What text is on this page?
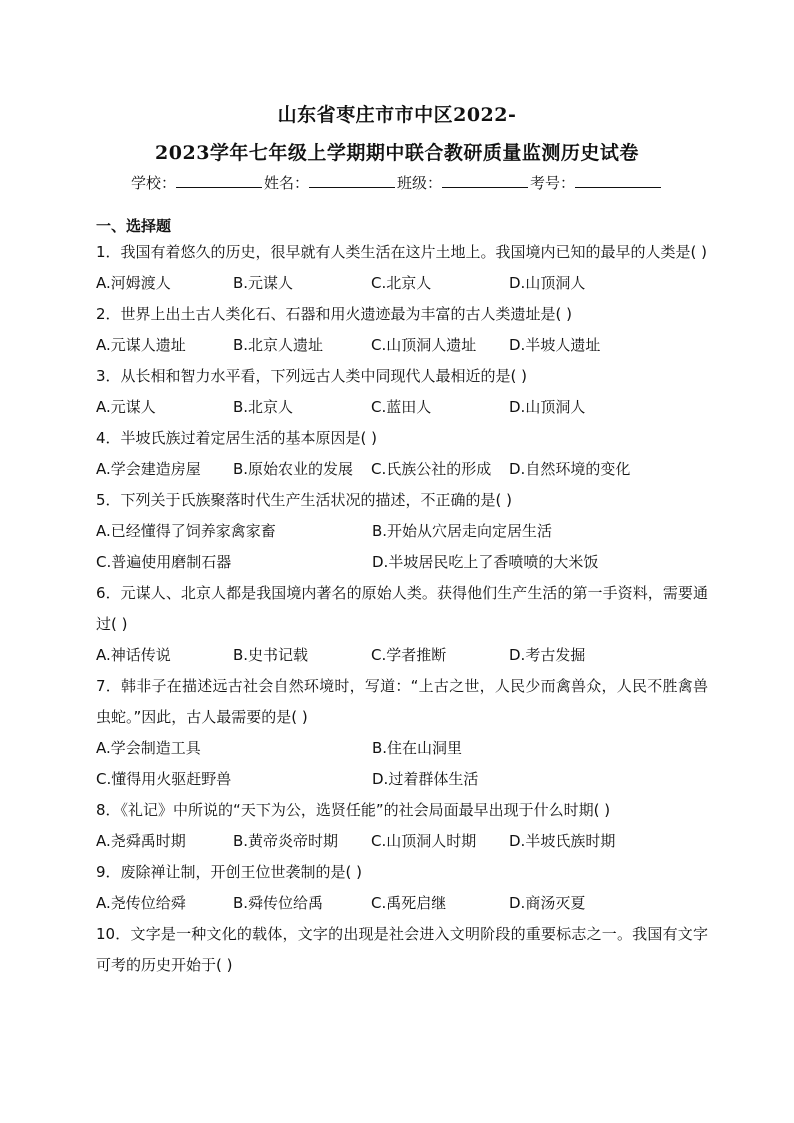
山东省枣庄市市中区2022-
2023学年七年级上学期期中联合教研质量监测历史试卷
学校：	姓名：	班级：	考号：
一、选择题
1．我国有着悠久的历史，很早就有人类生活在这片土地上。我国境内已知的最早的人类是( )
A.河姆渡人	B.元谋人	C.北京人	D.山顶洞人
2．世界上出土古人类化石、石器和用火遗迹最为丰富的古人类遗址是( )
A.元谋人遗址	B.北京人遗址	C.山顶洞人遗址	D.半坡人遗址
3．从长相和智力水平看，下列远古人类中同现代人最相近的是( )
A.元谋人	B.北京人	C.蓝田人	D.山顶洞人
4．半坡氏族过着定居生活的基本原因是( )
A.学会建造房屋	B.原始农业的发展	C.氏族公社的形成	D.自然环境的变化
5．下列关于氏族聚落时代生产生活状况的描述，不正确的是( )
A.已经懂得了饲养家禽家畜	B.开始从穴居走向定居生活
C.普遍使用磨制石器	D.半坡居民吃上了香喷喷的大米饭
6．元谋人、北京人都是我国境内著名的原始人类。获得他们生产生活的第一手资料，需要通过( )
A.神话传说	B.史书记载	C.学者推断	D.考古发掘
7．韩非子在描述远古社会自然环境时，写道：“上古之世，人民少而禽兽众，人民不胜禽兽虫蛇。”因此，古人最需要的是( )
A.学会制造工具	B.住在山洞里
C.懂得用火驱赶野兽	D.过着群体生活
8．《礼记》中所说的“天下为公，选贤任能”的社会局面最早出现于什么时期( )
A.尧舜禹时期	B.黄帝炎帝时期	C.山顶洞人时期	D.半坡氏族时期
9．废除禅让制，开创王位世袭制的是( )
A.尧传位给舜	B.舜传位给禹	C.禹死启继	D.商汤灭夏
10．文字是一种文化的载体，文字的出现是社会进入文明阶段的重要标志之一。我国有文字可考的历史开始于( )
